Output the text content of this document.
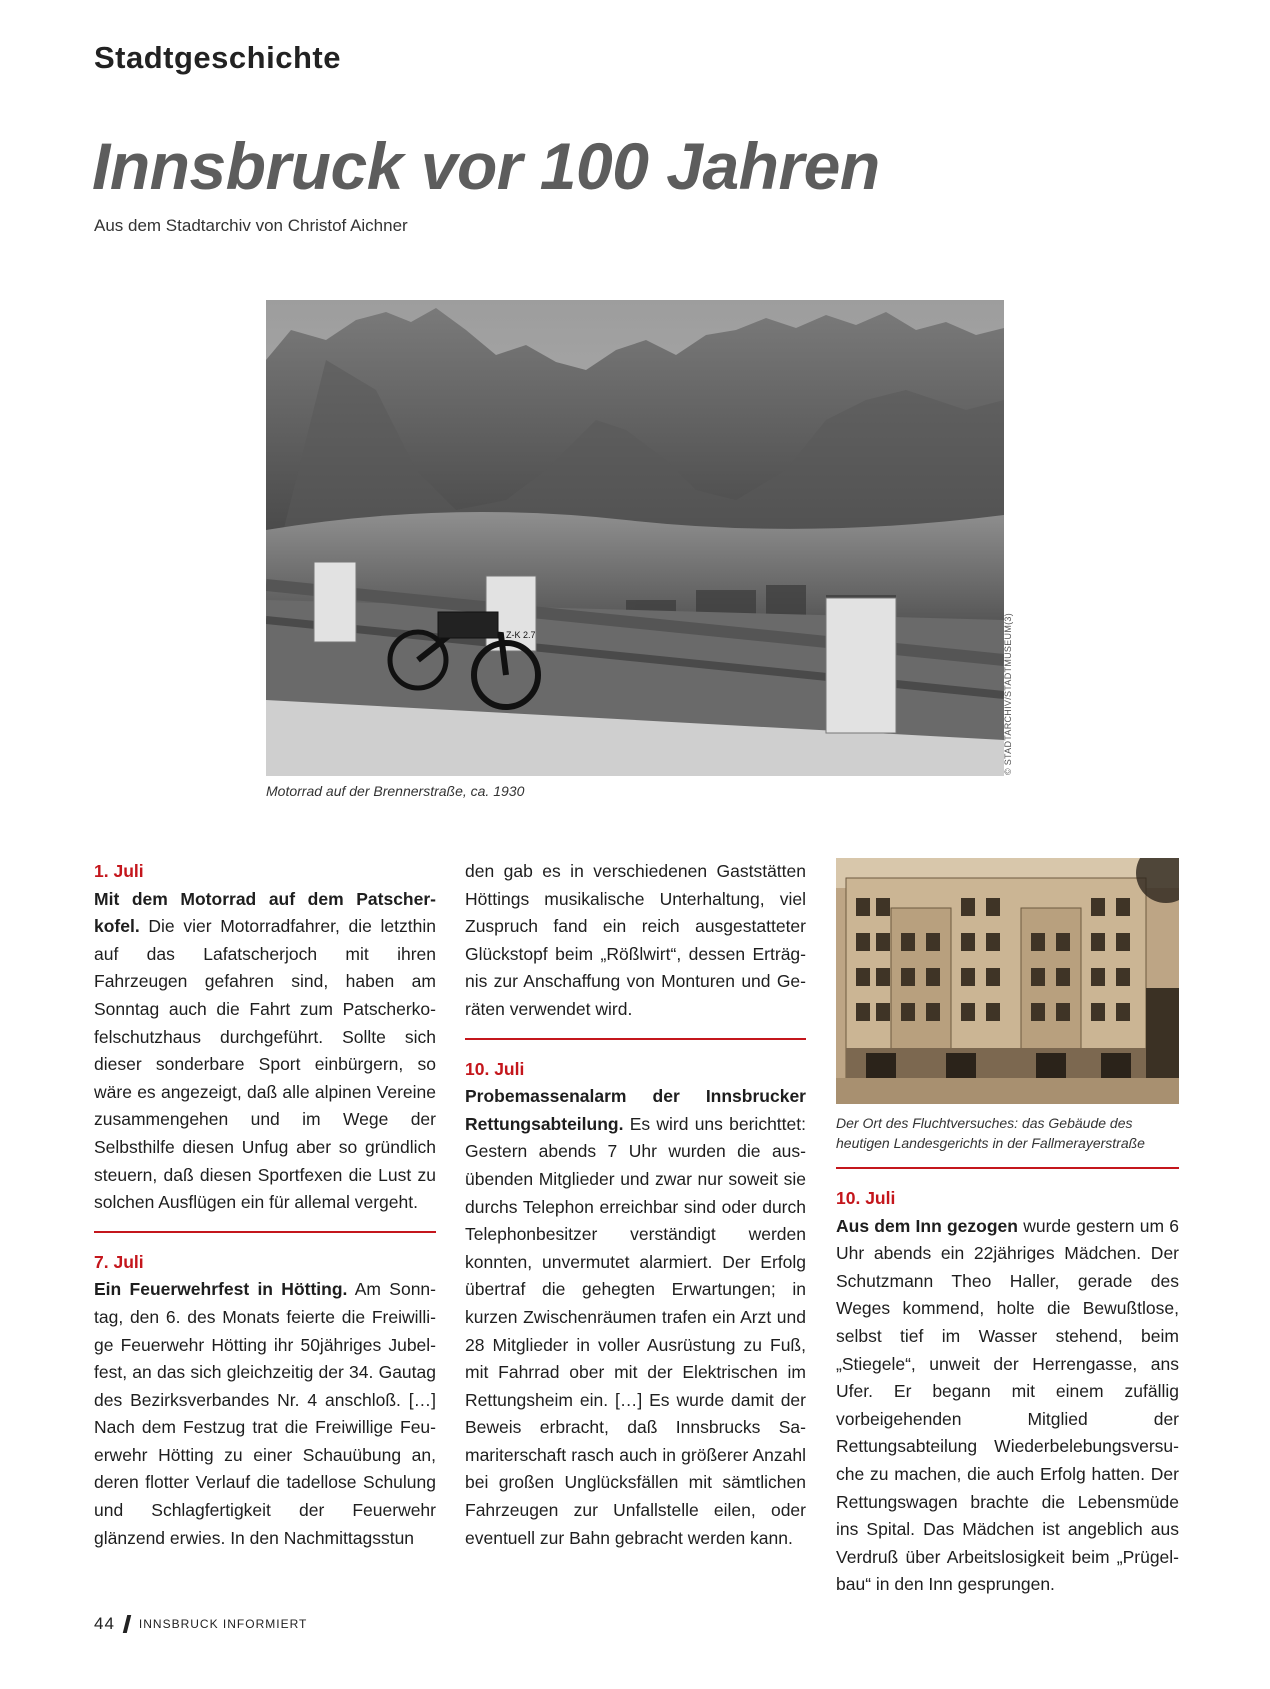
Stadtgeschichte
Innsbruck vor 100 Jahren
Aus dem Stadtarchiv von Christof Aichner
Z-K 2.7	© STADTARCHIV/STADTMUSEUM(3)
Motorrad auf der Brennerstraße, ca. 1930

1. Juli

Mit dem Motorrad auf dem Patscherkofel. Die vier Motorradfahrer, die letzthin auf das Lafatscherjoch mit ihren Fahrzeugen gefahren sind, haben am Sonntag auch die Fahrt zum Patscherkofelschutzhaus durchgeführt. Sollte sich dieser sonderbare Sport einbürgern, so wäre es angezeigt, daß alle alpinen Vereine zusammengehen und im Wege der Selbsthilfe diesen Unfug aber so gründlich steuern, daß diesen Sportfexen die Lust zu solchen Ausflügen ein für allemal vergeht.

7. Juli

Ein Feuerwehrfest in Hötting. Am Sonntag, den 6. des Monats feierte die Freiwillige Feuerwehr Hötting ihr 50jähriges Jubelfest, an das sich gleichzeitig der 34. Gautag des Bezirksverbandes Nr. 4 anschloß. […] Nach dem Festzug trat die Freiwillige Feuerwehr Hötting zu einer Schauübung an, deren flotter Verlauf die tadellose Schulung und Schlagfertigkeit der Feuerwehr glänzend erwies. In den Nachmittagsstun

den gab es in verschiedenen Gaststätten Höttings musikalische Unterhaltung, viel Zuspruch fand ein reich ausgestatteter Glückstopf beim „Rößlwirt“, dessen Erträgnis zur Anschaffung von Monturen und Geräten verwendet wird.

10. Juli

Probemassenalarm der Innsbrucker Rettungsabteilung. Es wird uns berichttet: Gestern abends 7 Uhr wurden die ausübenden Mitglieder und zwar nur soweit sie durchs Telephon erreichbar sind oder durch Telephonbesitzer verständigt werden konnten, unvermutet alarmiert. Der Erfolg übertraf die gehegten Erwartungen; in kurzen Zwischenräumen trafen ein Arzt und 28 Mitglieder in voller Ausrüstung zu Fuß, mit Fahrrad ober mit der Elektrischen im Rettungsheim ein. […] Es wurde damit der Beweis erbracht, daß Innsbrucks Samariterschaft rasch auch in größerer Anzahl bei großen Unglücksfällen mit sämtlichen Fahrzeugen zur Unfallstelle eilen, oder eventuell zur Bahn gebracht werden kann.

Der Ort des Fluchtversuches: das Gebäude des heutigen Landesgerichts in der Fallmerayerstraße

10. Juli

Aus dem Inn gezogen wurde gestern um 6 Uhr abends ein 22jähriges Mädchen. Der Schutzmann Theo Haller, gerade des Weges kommend, holte die Bewußtlose, selbst tief im Wasser stehend, beim „Stiegele“, unweit der Herrengasse, ans Ufer. Er begann mit einem zufällig vorbeigehenden Mitglied der Rettungsabteilung Wiederbelebungsversuche zu machen, die auch Erfolg hatten. Der Rettungswagen brachte die Lebensmüde ins Spital. Das Mädchen ist angeblich aus Verdruß über Arbeitslosigkeit beim „Prügelbau“ in den Inn gesprungen.

44 INNSBRUCK INFORMIERT
